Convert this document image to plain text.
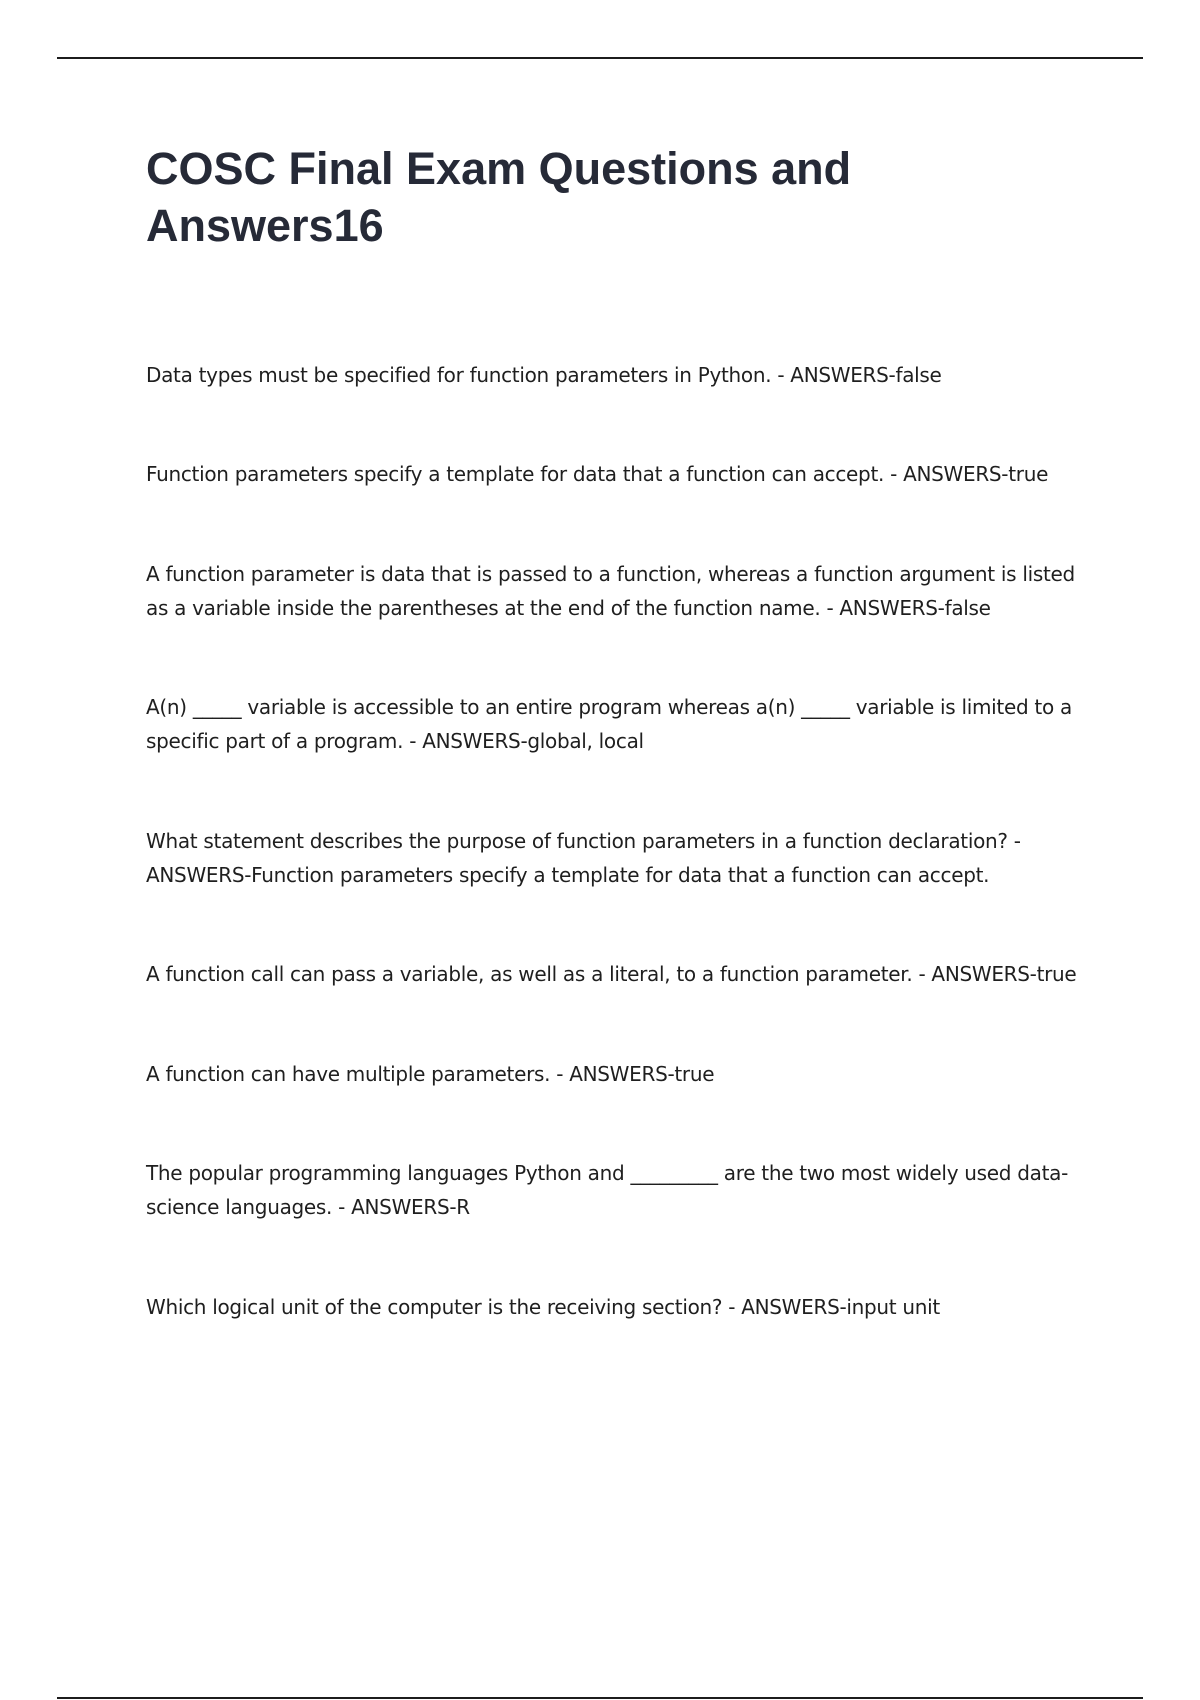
COSC Final Exam Questions and Answers16
Data types must be specified for function parameters in Python. - ANSWERS-false
Function parameters specify a template for data that a function can accept. - ANSWERS-true
A function parameter is data that is passed to a function, whereas a function argument is listed as a variable inside the parentheses at the end of the function name. - ANSWERS-false
A(n) _____ variable is accessible to an entire program whereas a(n) _____ variable is limited to a specific part of a program. - ANSWERS-global, local
What statement describes the purpose of function parameters in a function declaration? - ANSWERS-Function parameters specify a template for data that a function can accept.
A function call can pass a variable, as well as a literal, to a function parameter. - ANSWERS-true
A function can have multiple parameters. - ANSWERS-true
The popular programming languages Python and _________ are the two most widely used data-science languages. - ANSWERS-R
Which logical unit of the computer is the receiving section? - ANSWERS-input unit
